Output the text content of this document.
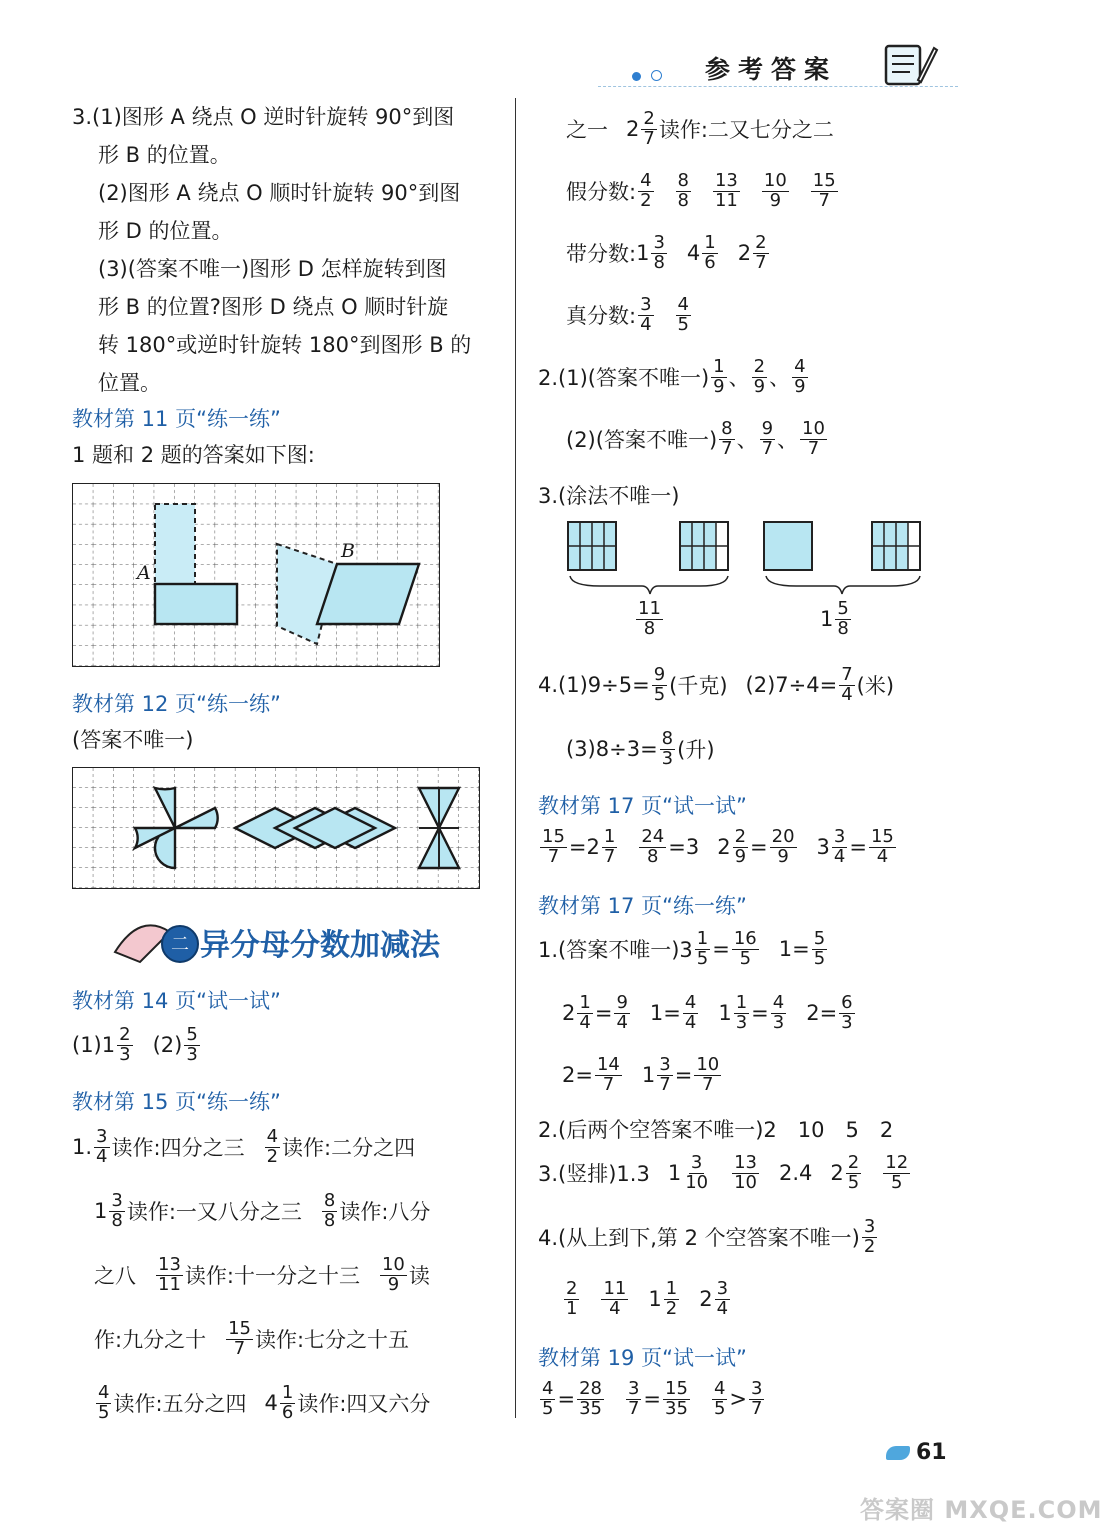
参考答案
3.(1)图形 A 绕点 O 逆时针旋转 90°到图
形 B 的位置。
(2)图形 A 绕点 O 顺时针旋转 90°到图
形 D 的位置。
(3)(答案不唯一)图形 D 怎样旋转到图
形 B 的位置?图形 D 绕点 O 顺时针旋
转 180°或逆时针旋转 180°到图形 B 的
位置。
教材第 11 页“练一练”
1 题和 2 题的答案如下图:
A
B
教材第 12 页“练一练”
(答案不唯一)
二 异分母分数加减法
教材第 14 页“试一试”
$(1)1 \frac{2}{3} (2) \frac{5}{3}$
教材第 15 页“练一练”
1. $\frac{3}{4}$ 读作:四分之三 $\frac{4}{2}$ 读作:二分之四
$1 \frac{3}{8}$ 读作:一又八分之三 $\frac{8}{8}$ 读作:八分
之八 $\frac{13}{11}$ 读作:十一分之十三 $\frac{10}{9}$ 读
作:九分之十 $\frac{15}{7}$ 读作:七分之十五
$\frac{4}{5}$ 读作:五分之四 $4 \frac{1}{6}$ 读作:四又六分
之一 $2 \frac{2}{7}$ 读作:二又七分之二
假分数: $\frac{4}{2} \frac{8}{8} \frac{13}{11} \frac{10}{9} \frac{15}{7}$
带分数: $1 \frac{3}{8} 4 \frac{1}{6} 2 \frac{2}{7}$
真分数: $\frac{3}{4} \frac{4}{5}$
2.(1)(答案不唯一) $\frac{1}{9}$ 、 $\frac{2}{9}$ 、 $\frac{4}{9}$
(2)(答案不唯一) $\frac{8}{7}$ 、 $\frac{9}{7}$ 、 $\frac{10}{7}$
3.(涂法不唯一)
$\frac{11}{8}$	$1 \frac{5}{8}$
$4.(1)9\div 5= \frac{9}{5}$ (千克) $(2)7\div 4= \frac{7}{4}$ (米)
$(3)8\div 3= \frac{8}{3}$ (升)
教材第 17 页“试一试”
$\frac{15}{7} =2 \frac{1}{7} \frac{24}{8} =3$ $2 \frac{2}{9} = \frac{20}{9} 3 \frac{3}{4} = \frac{15}{4}$
教材第 17 页“练一练”
1.(答案不唯一)$3 \frac{1}{5} = \frac{16}{5} 1= \frac{5}{5}$
$2 \frac{1}{4} = \frac{9}{4} 1= \frac{4}{4} 1 \frac{1}{3} = \frac{4}{3} 2= \frac{6}{3}$
$2= \frac{14}{7} 1 \frac{3}{7} = \frac{10}{7}$
2.(后两个空答案不唯一)2　10　5　2
3.(竖排)1.3 $1 \frac{3}{10} \frac{13}{10} 2.4$ $2 \frac{2}{5} \frac{12}{5}$
4.(从上到下,第 2 个空答案不唯一) $\frac{3}{2}$
$\frac{2}{1} \frac{11}{4} 1 \frac{1}{2} 2 \frac{3}{4}$
教材第 19 页“试一试”
$\frac{4}{5} = \frac{28}{35} \frac{3}{7} = \frac{15}{35} \frac{4}{5} > \frac{3}{7}$
61
答案圈 MXQE.COM
